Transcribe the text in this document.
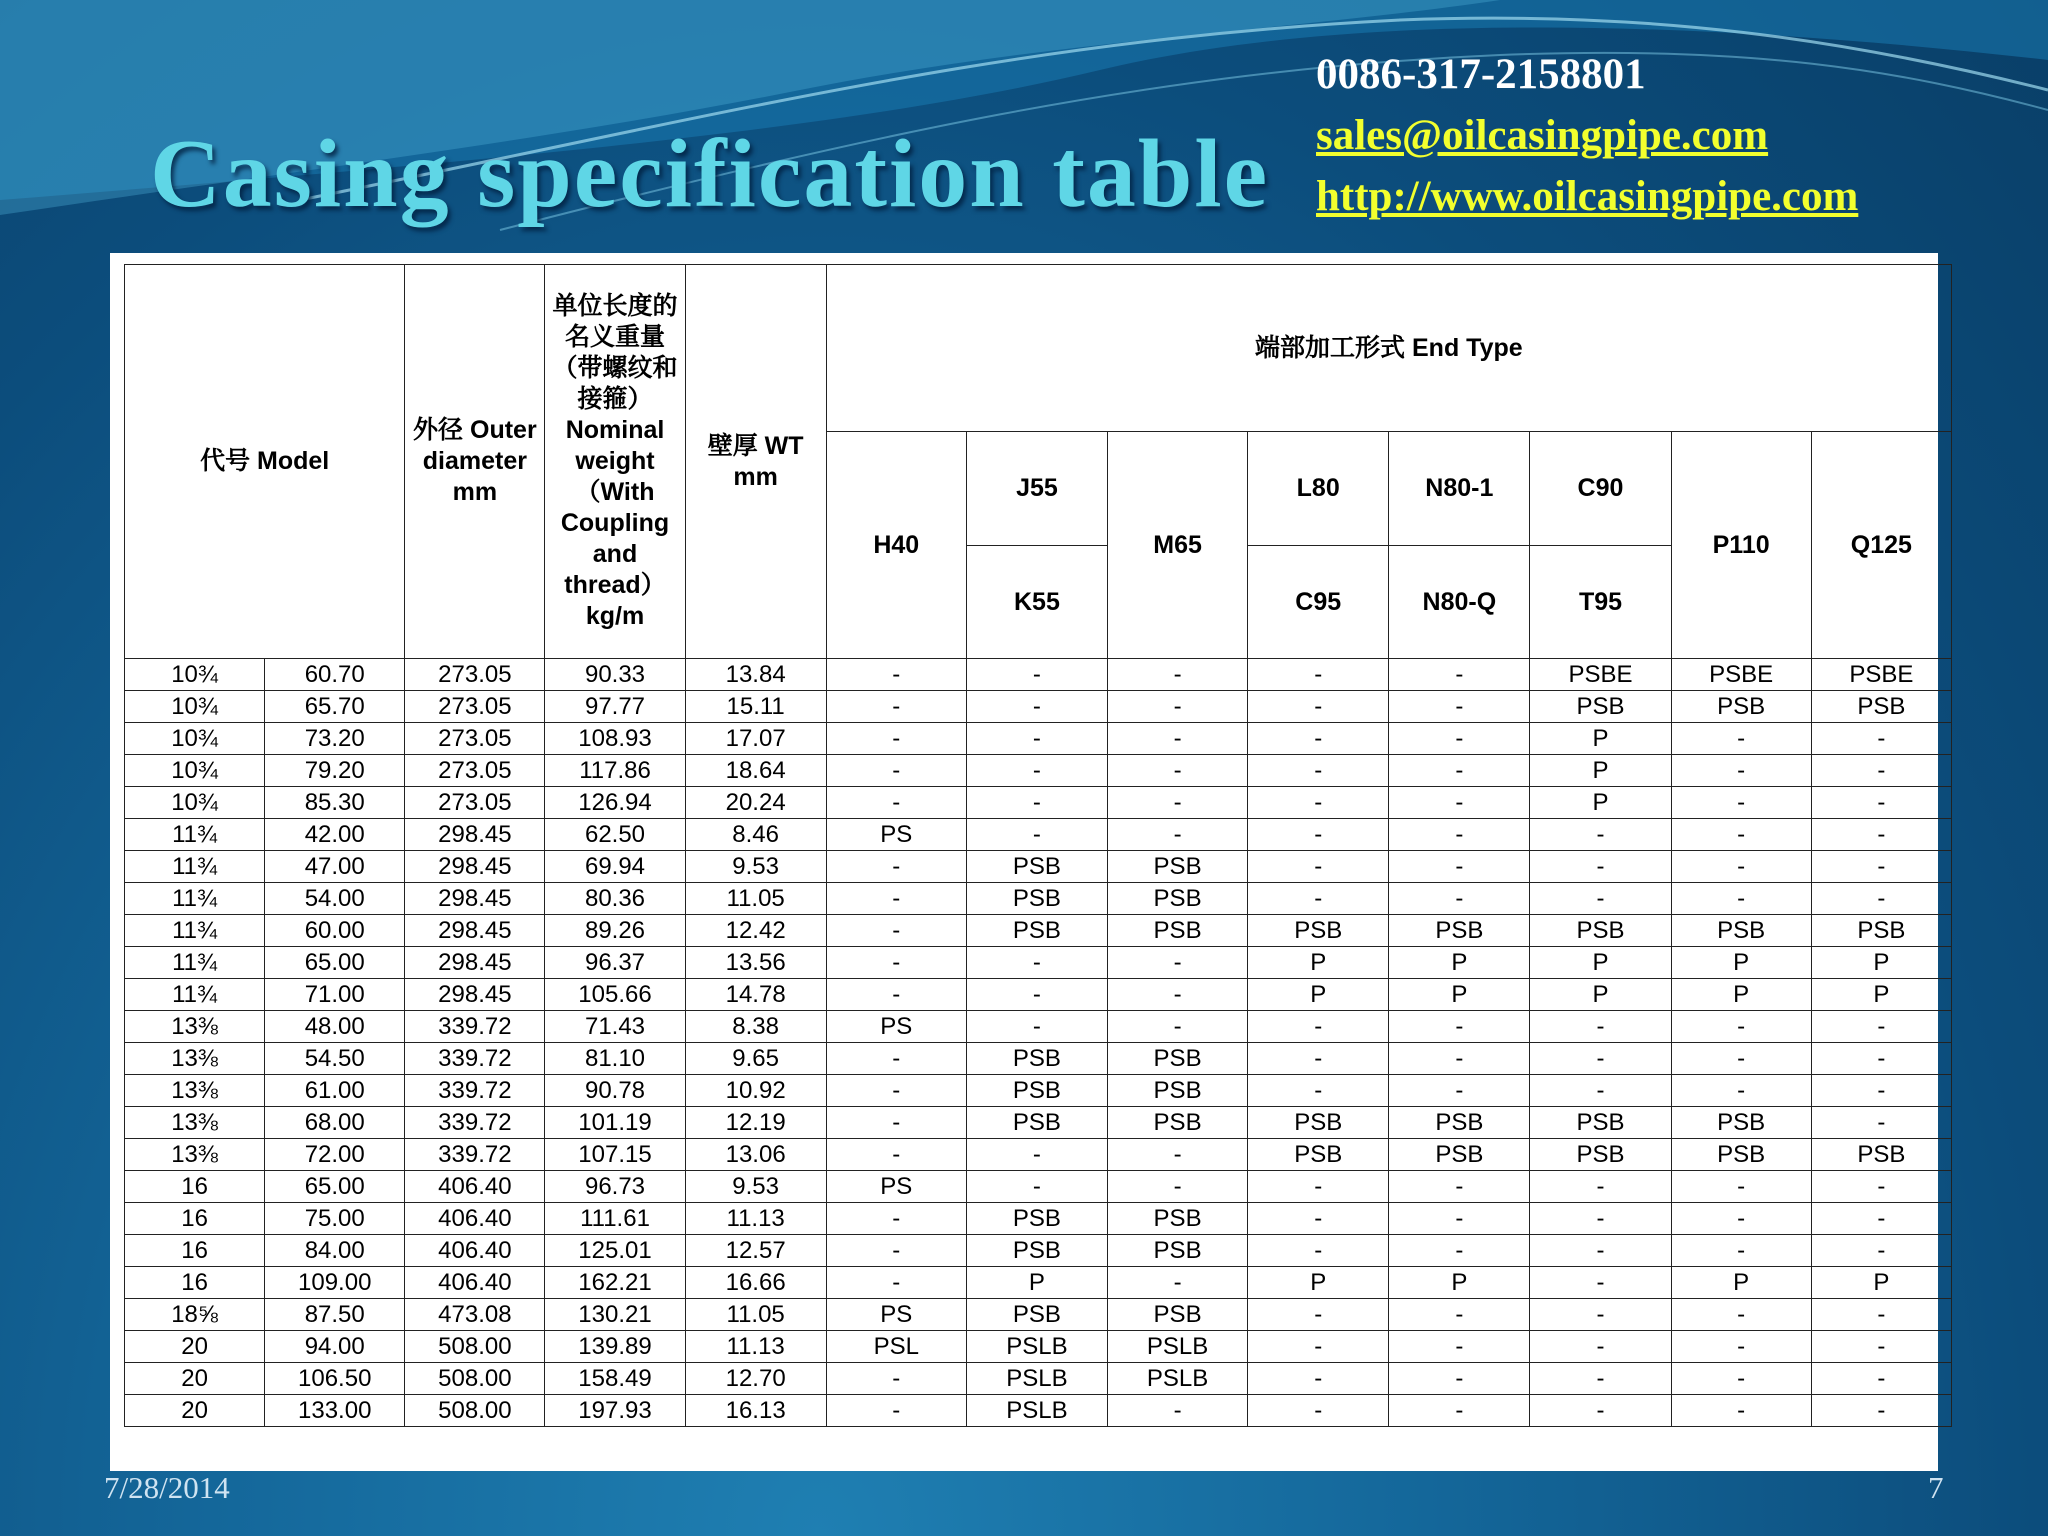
Casing specification table
0086-317-2158801
sales@oilcasingpipe.com
http://www.oilcasingpipe.com
代号 Model		外径 Outer diameter mm	单位长度的名义重量（带螺纹和接箍）Nominal weight（With Coupling and thread）kg/m	壁厚 WT mm	端部加工形式 End Type							
					H40	J55	M65	L80	N80-1	C90	P110	Q125
						K55		C95	N80-Q	T95		
10¾	60.70	273.05	90.33	13.84	-	-	-	-	-	PSBE	PSBE	PSBE
10¾	65.70	273.05	97.77	15.11	-	-	-	-	-	PSB	PSB	PSB
10¾	73.20	273.05	108.93	17.07	-	-	-	-	-	P	-	-
10¾	79.20	273.05	117.86	18.64	-	-	-	-	-	P	-	-
10¾	85.30	273.05	126.94	20.24	-	-	-	-	-	P	-	-
11¾	42.00	298.45	62.50	8.46	PS	-	-	-	-	-	-	-
11¾	47.00	298.45	69.94	9.53	-	PSB	PSB	-	-	-	-	-
11¾	54.00	298.45	80.36	11.05	-	PSB	PSB	-	-	-	-	-
11¾	60.00	298.45	89.26	12.42	-	PSB	PSB	PSB	PSB	PSB	PSB	PSB
11¾	65.00	298.45	96.37	13.56	-	-	-	P	P	P	P	P
11¾	71.00	298.45	105.66	14.78	-	-	-	P	P	P	P	P
13⅜	48.00	339.72	71.43	8.38	PS	-	-	-	-	-	-	-
13⅜	54.50	339.72	81.10	9.65	-	PSB	PSB	-	-	-	-	-
13⅜	61.00	339.72	90.78	10.92	-	PSB	PSB	-	-	-	-	-
13⅜	68.00	339.72	101.19	12.19	-	PSB	PSB	PSB	PSB	PSB	PSB	-
13⅜	72.00	339.72	107.15	13.06	-	-	-	PSB	PSB	PSB	PSB	PSB
16	65.00	406.40	96.73	9.53	PS	-	-	-	-	-	-	-
16	75.00	406.40	111.61	11.13	-	PSB	PSB	-	-	-	-	-
16	84.00	406.40	125.01	12.57	-	PSB	PSB	-	-	-	-	-
16	109.00	406.40	162.21	16.66	-	P	-	P	P	-	P	P
18⅝	87.50	473.08	130.21	11.05	PS	PSB	PSB	-	-	-	-	-
20	94.00	508.00	139.89	11.13	PSL	PSLB	PSLB	-	-	-	-	-
20	106.50	508.00	158.49	12.70	-	PSLB	PSLB	-	-	-	-	-
20	133.00	508.00	197.93	16.13	-	PSLB	-	-	-	-	-	-
7/28/2014	7
